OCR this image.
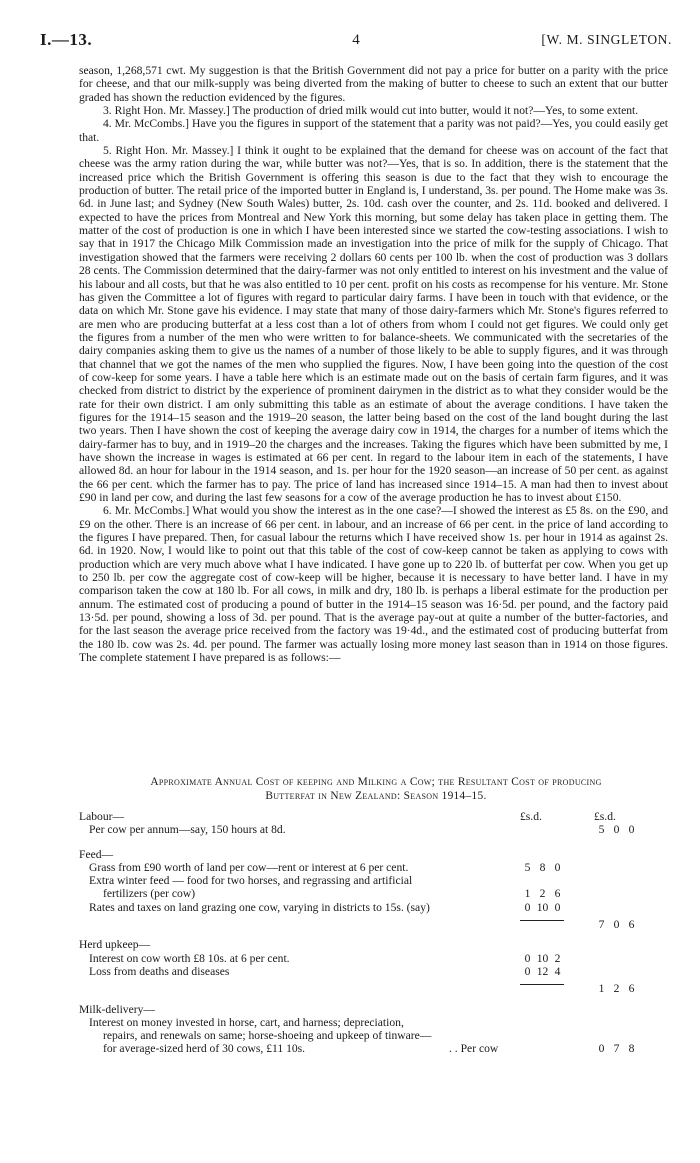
I.—13.	4	[W. M. SINGLETON.

season, 1,268,571 cwt. My suggestion is that the British Government did not pay a price for butter on a parity with the price for cheese, and that our milk-supply was being diverted from the making of butter to cheese to such an extent that our butter graded has shown the reduction evidenced by the figures.

3. Right Hon. Mr. Massey.] The production of dried milk would cut into butter, would it not?—Yes, to some extent.

4. Mr. McCombs.] Have you the figures in support of the statement that a parity was not paid?—Yes, you could easily get that.

5. Right Hon. Mr. Massey.] I think it ought to be explained that the demand for cheese was on account of the fact that cheese was the army ration during the war, while butter was not?—Yes, that is so. In addition, there is the statement that the increased price which the British Government is offering this season is due to the fact that they wish to encourage the production of butter. The retail price of the imported butter in England is, I understand, 3s. per pound. The Home make was 3s. 6d. in June last; and Sydney (New South Wales) butter, 2s. 10d. cash over the counter, and 2s. 11d. booked and delivered. I expected to have the prices from Montreal and New York this morning, but some delay has taken place in getting them. The matter of the cost of production is one in which I have been interested since we started the cow-testing associations. I wish to say that in 1917 the Chicago Milk Commission made an investigation into the price of milk for the supply of Chicago. That investigation showed that the farmers were receiving 2 dollars 60 cents per 100 lb. when the cost of production was 3 dollars 28 cents. The Commission determined that the dairy-farmer was not only entitled to interest on his investment and the value of his labour and all costs, but that he was also entitled to 10 per cent. profit on his costs as recompense for his venture. Mr. Stone has given the Committee a lot of figures with regard to particular dairy farms. I have been in touch with that evidence, or the data on which Mr. Stone gave his evidence. I may state that many of those dairy-farmers which Mr. Stone's figures referred to are men who are producing butterfat at a less cost than a lot of others from whom I could not get figures. We could only get the figures from a number of the men who were written to for balance-sheets. We communicated with the secretaries of the dairy companies asking them to give us the names of a number of those likely to be able to supply figures, and it was through that channel that we got the names of the men who supplied the figures. Now, I have been going into the question of the cost of cow-keep for some years. I have a table here which is an estimate made out on the basis of certain farm figures, and it was checked from district to district by the experience of prominent dairymen in the district as to what they consider would be the rate for their own district. I am only submitting this table as an estimate of about the average conditions. I have taken the figures for the 1914–15 season and the 1919–20 season, the latter being based on the cost of the land bought during the last two years. Then I have shown the cost of keeping the average dairy cow in 1914, the charges for a number of items which the dairy-farmer has to buy, and in 1919–20 the charges and the increases. Taking the figures which have been submitted by me, I have shown the increase in wages is estimated at 66 per cent. In regard to the labour item in each of the statements, I have allowed 8d. an hour for labour in the 1914 season, and 1s. per hour for the 1920 season—an increase of 50 per cent. as against the 66 per cent. which the farmer has to pay. The price of land has increased since 1914–15. A man had then to invest about £90 in land per cow, and during the last few seasons for a cow of the average production he has to invest about £150.

6. Mr. McCombs.] What would you show the interest as in the one case?—I showed the interest as £5 8s. on the £90, and £9 on the other. There is an increase of 66 per cent. in labour, and an increase of 66 per cent. in the price of land according to the figures I have prepared. Then, for casual labour the returns which I have received show 1s. per hour in 1914 as against 2s. 6d. in 1920. Now, I would like to point out that this table of the cost of cow-keep cannot be taken as applying to cows with production which are very much above what I have indicated. I have gone up to 220 lb. of butterfat per cow. When you get up to 250 lb. per cow the aggregate cost of cow-keep will be higher, because it is necessary to have better land. I have in my comparison taken the cow at 180 lb. For all cows, in milk and dry, 180 lb. is perhaps a liberal estimate for the production per annum. The estimated cost of producing a pound of butter in the 1914–15 season was 16·5d. per pound, and the factory paid 13·5d. per pound, showing a loss of 3d. per pound. That is the average pay-out at quite a number of the butter-factories, and for the last season the average price received from the factory was 19·4d., and the estimated cost of producing butterfat from the 180 lb. cow was 2s. 4d. per pound. The farmer was actually losing more money last season than in 1914 on those figures. The complete statement I have prepared is as follows:—

Approximate Annual Cost of keeping and Milking a Cow; the Resultant Cost of producing
Butterfat in New Zealand: Season 1914–15.
Labour—	£s.d.	£s.d.
Per cow per annum—say, 150 hours at 8d.	5 0 0
Feed—
Grass from £90 worth of land per cow—rent or interest at 6 per cent.	5 8 0
Extra winter feed — food for two horses, and regrassing and artificial
fertilizers (per cow)	1 2 6
Rates and taxes on land grazing one cow, varying in districts to 15s. (say)	0 10 0
7 0 6
Herd upkeep—
Interest on cow worth £8 10s. at 6 per cent.	0 10 2
Loss from deaths and diseases	0 12 4
1 2 6
Milk-delivery—
Interest on money invested in horse, cart, and harness; depreciation,
repairs, and renewals on same; horse-shoeing and upkeep of tinware—
for average-sized herd of 30 cows, £11 10s.	. . Per cow	0 7 8
